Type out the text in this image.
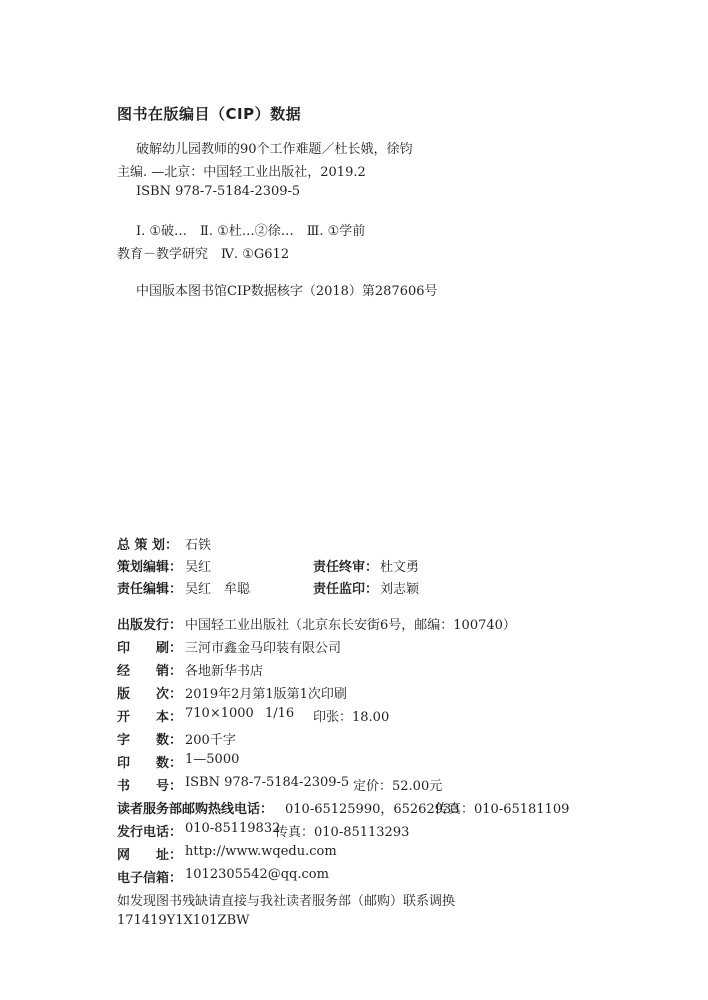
图书在版编目（CIP）数据
破解幼儿园教师的90个工作难题／杜长娥，徐钧
主编. —北京：中国轻工业出版社，2019.2
ISBN 978-7-5184-2309-5
Ⅰ. ①破…　Ⅱ. ①杜…②徐…　Ⅲ. ①学前
教育－教学研究　Ⅳ. ①G612
中国版本图书馆CIP数据核字（2018）第287606号
总 策 划： 石铁
策划编辑： 吴红	责任终审： 杜文勇
责任编辑： 吴红　牟聪	责任监印： 刘志颖
出版发行： 中国轻工业出版社（北京东长安街6号，邮编：100740）
印　　刷： 三河市鑫金马印装有限公司
经　　销： 各地新华书店
版　　次： 2019年2月第1版第1次印刷
开　　本： 710×1000 1/16 印张：18.00
字　　数： 200千字
印　　数： 1—5000
书　　号： ISBN 978-7-5184-2309-5 定价：52.00元
读者服务部邮购热线电话： 010-65125990，65262933
传真：010-65181109
发行电话： 010-85119832
传真：010-85113293
网　　址： http://www.wqedu.com
电子信箱： 1012305542@qq.com
如发现图书残缺请直接与我社读者服务部（邮购）联系调换
171419Y1X101ZBW
